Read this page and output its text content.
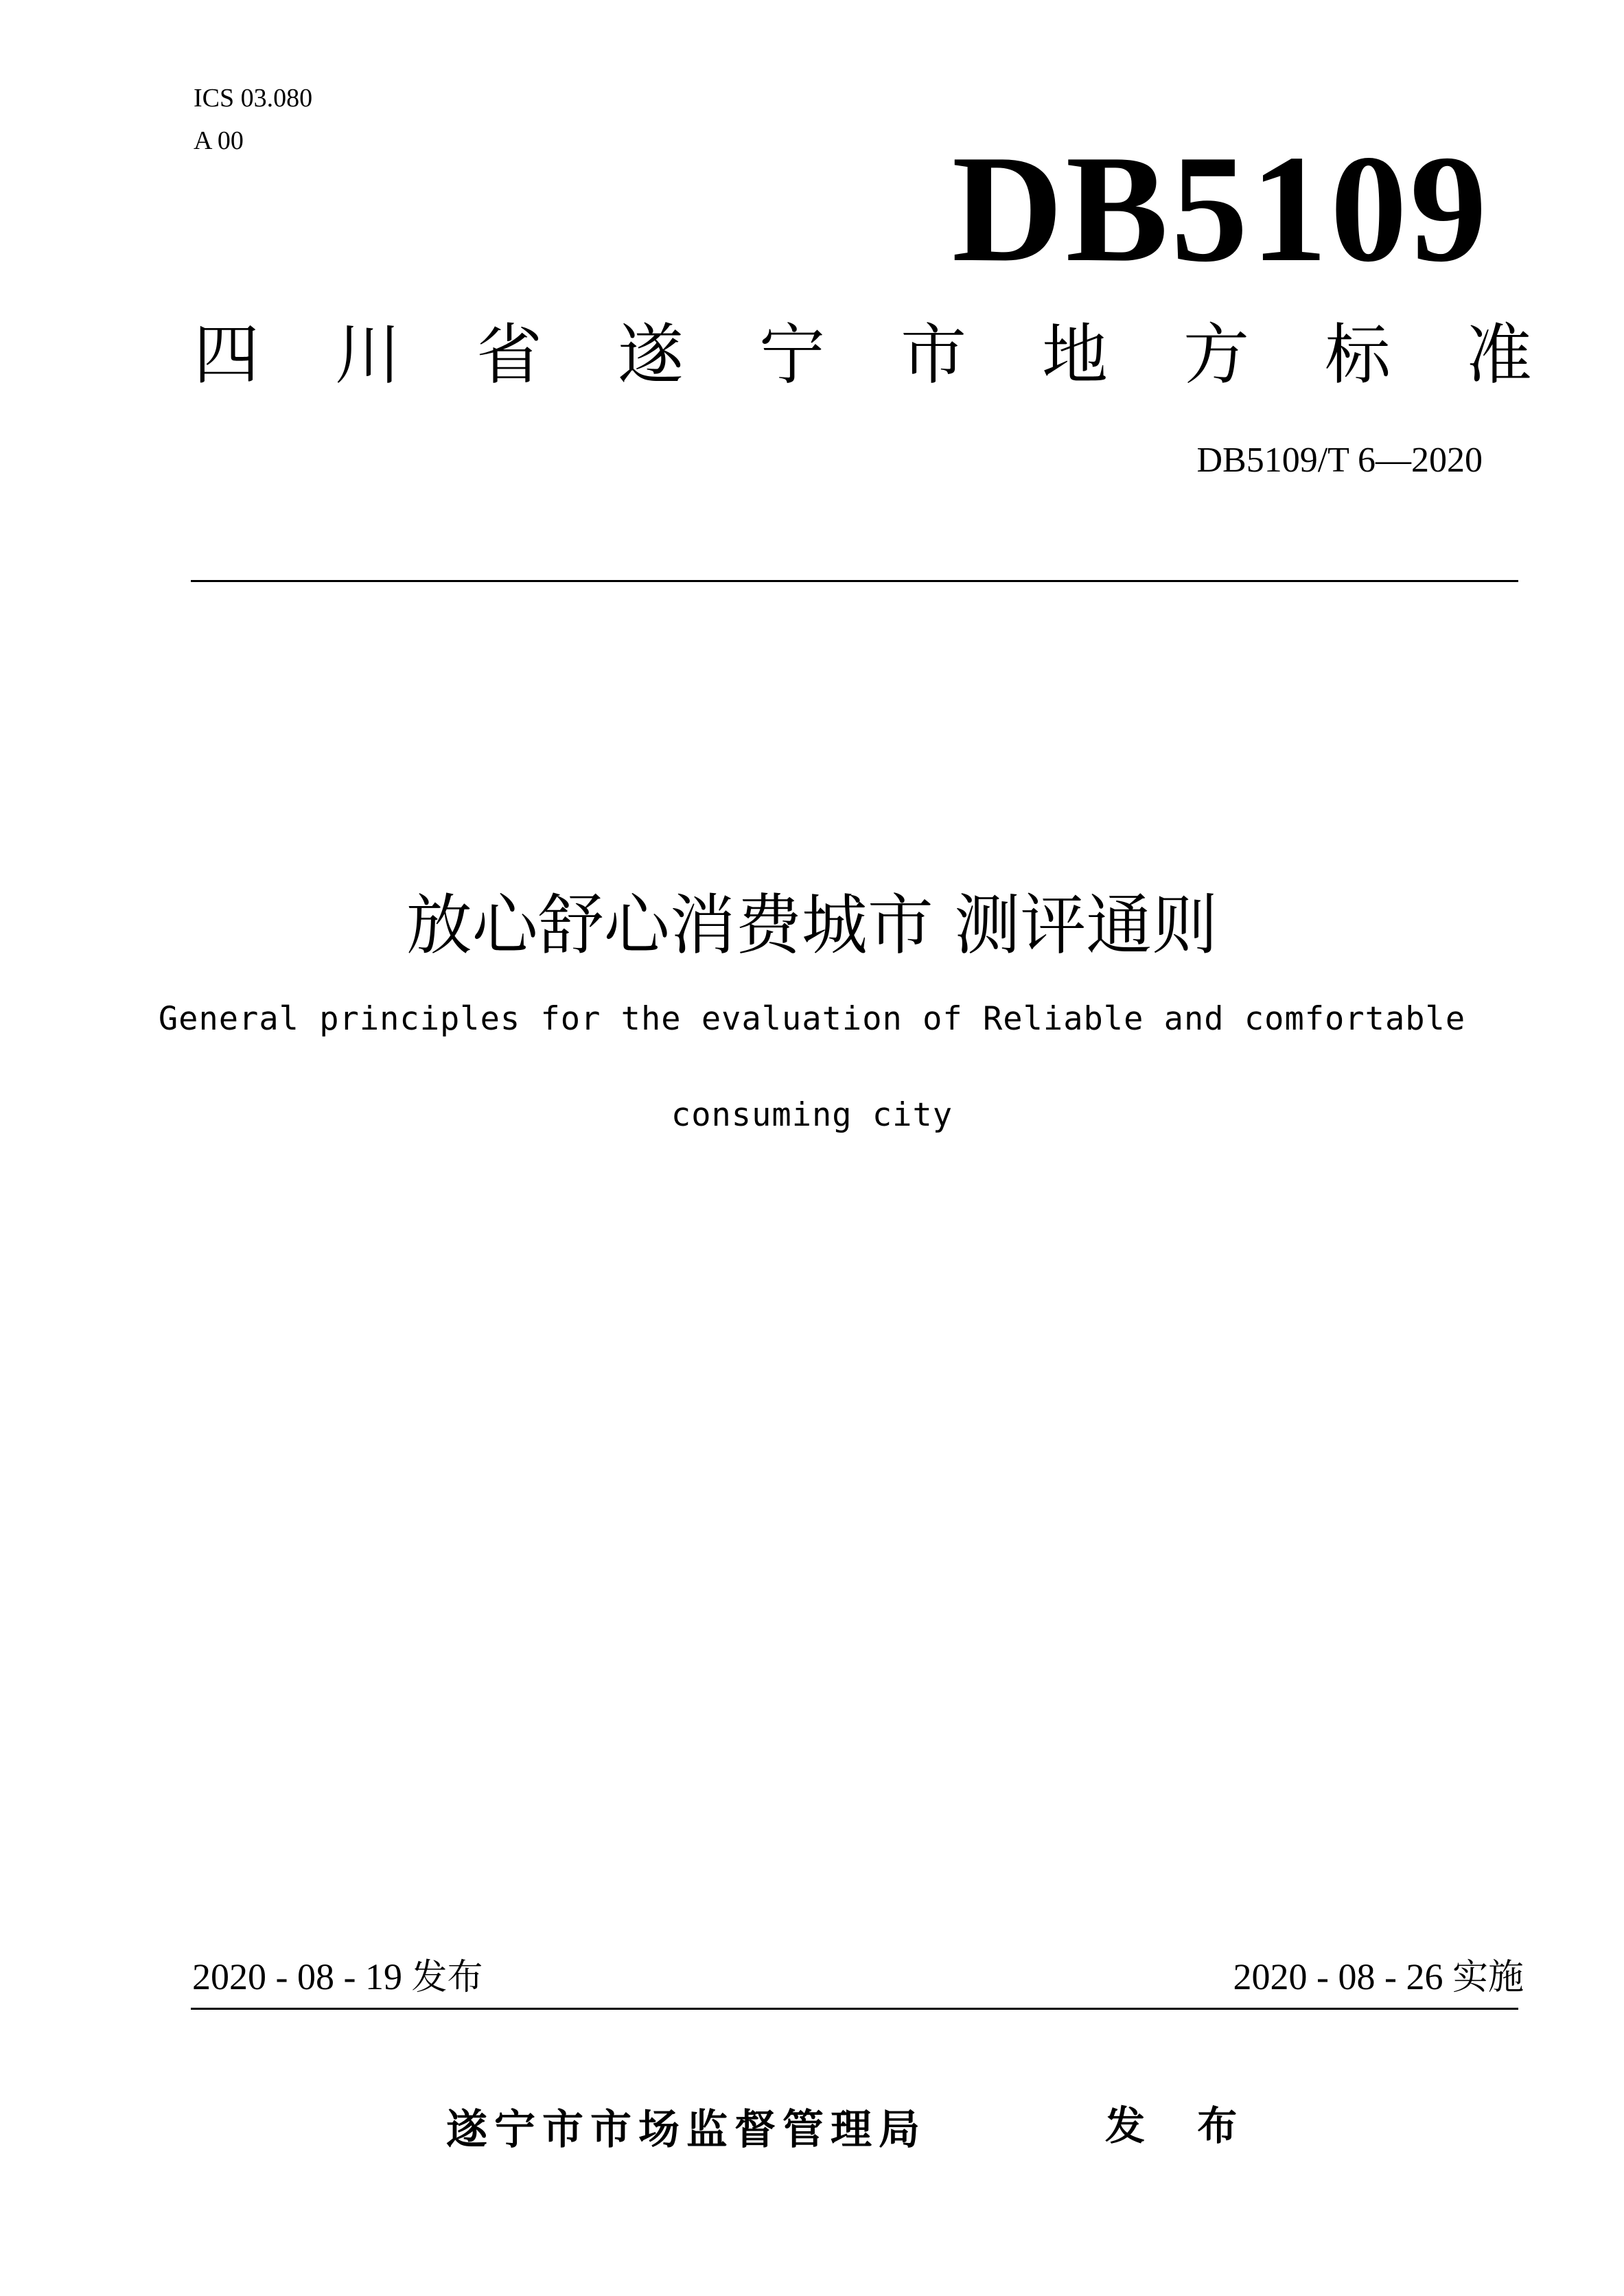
ICS 03.080
A 00	DB5109
四 川 省 遂 宁 市 地 方 标 准
DB5109/T 6—2020
放心舒心消费城市 测评通则
General principles for the evaluation of Reliable and comfortable
consuming city
2020 - 08 - 19 发布	2020 - 08 - 26 实施
遂宁市市场监督管理局	发 布
